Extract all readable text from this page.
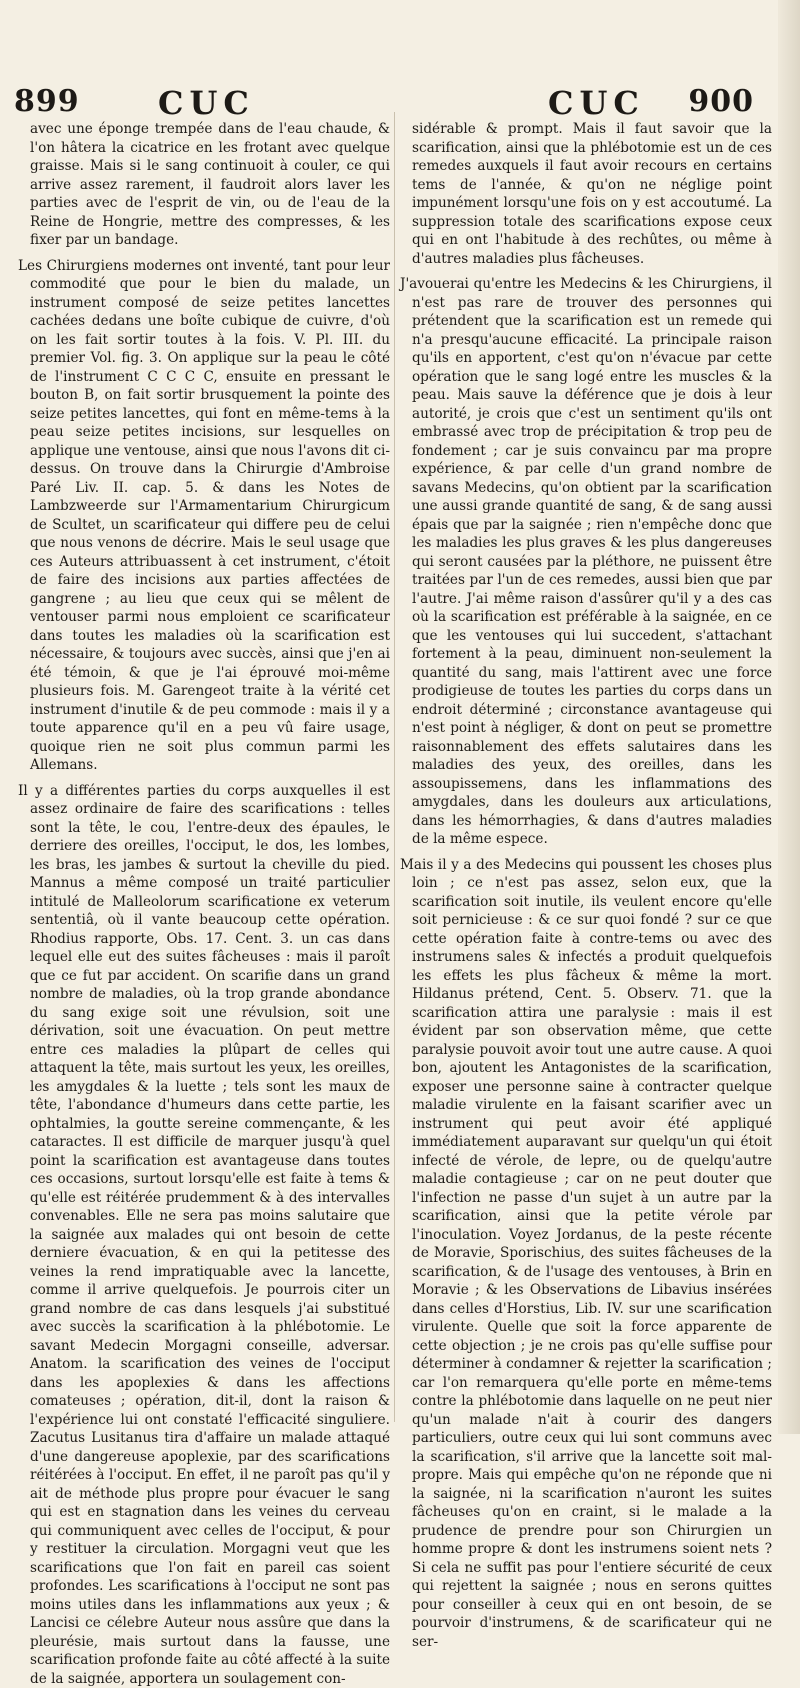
899 CUC	CUC 900

avec une éponge trempée dans de l'eau chaude, & l'on hâtera la cicatrice en les frotant avec quelque graisse. Mais si le sang continuoit à couler, ce qui arrive assez rarement, il faudroit alors laver les parties avec de l'esprit de vin, ou de l'eau de la Reine de Hongrie, mettre des compresses, & les fixer par un bandage.

Les Chirurgiens modernes ont inventé, tant pour leur commodité que pour le bien du malade, un instrument composé de seize petites lancettes cachées dedans une boîte cubique de cuivre, d'où on les fait sortir toutes à la fois. V. Pl. III. du premier Vol. fig. 3. On applique sur la peau le côté de l'instrument C C C C, ensuite en pressant le bouton B, on fait sortir brusquement la pointe des seize petites lancettes, qui font en même-tems à la peau seize petites incisions, sur lesquelles on applique une ventouse, ainsi que nous l'avons dit ci-dessus. On trouve dans la Chirurgie d'Ambroise Paré Liv. II. cap. 5. & dans les Notes de Lambzweerde sur l'Armamentarium Chirurgicum de Scultet, un scarificateur qui differe peu de celui que nous venons de décrire. Mais le seul usage que ces Auteurs attribuassent à cet instrument, c'étoit de faire des incisions aux parties affectées de gangrene ; au lieu que ceux qui se mêlent de ventouser parmi nous emploient ce scarificateur dans toutes les maladies où la scarification est nécessaire, & toujours avec succès, ainsi que j'en ai été témoin, & que je l'ai éprouvé moi-même plusieurs fois. M. Garengeot traite à la vérité cet instrument d'inutile & de peu commode : mais il y a toute apparence qu'il en a peu vû faire usage, quoique rien ne soit plus commun parmi les Allemans.

Il y a différentes parties du corps auxquelles il est assez ordinaire de faire des scarifications : telles sont la tête, le cou, l'entre-deux des épaules, le derriere des oreilles, l'occiput, le dos, les lombes, les bras, les jambes & surtout la cheville du pied. Mannus a même composé un traité particulier intitulé de Malleolorum scarificatione ex veterum sententiâ, où il vante beaucoup cette opération. Rhodius rapporte, Obs. 17. Cent. 3. un cas dans lequel elle eut des suites fâcheuses : mais il paroît que ce fut par accident. On scarifie dans un grand nombre de maladies, où la trop grande abondance du sang exige soit une révulsion, soit une dérivation, soit une évacuation. On peut mettre entre ces maladies la plûpart de celles qui attaquent la tête, mais surtout les yeux, les oreilles, les amygdales & la luette ; tels sont les maux de tête, l'abondance d'humeurs dans cette partie, les ophtalmies, la goutte sereine commençante, & les cataractes. Il est difficile de marquer jusqu'à quel point la scarification est avantageuse dans toutes ces occasions, surtout lorsqu'elle est faite à tems & qu'elle est réitérée prudemment & à des intervalles convenables. Elle ne sera pas moins salutaire que la saignée aux malades qui ont besoin de cette derniere évacuation, & en qui la petitesse des veines la rend impratiquable avec la lancette, comme il arrive quelquefois. Je pourrois citer un grand nombre de cas dans lesquels j'ai substitué avec succès la scarification à la phlébotomie. Le savant Medecin Morgagni conseille, adversar. Anatom. la scarification des veines de l'occiput dans les apoplexies & dans les affections comateuses ; opération, dit-il, dont la raison & l'expérience lui ont constaté l'efficacité singuliere. Zacutus Lusitanus tira d'affaire un malade attaqué d'une dangereuse apoplexie, par des scarifications réitérées à l'occiput. En effet, il ne paroît pas qu'il y ait de méthode plus propre pour évacuer le sang qui est en stagnation dans les veines du cerveau qui communiquent avec celles de l'occiput, & pour y restituer la circulation. Morgagni veut que les scarifications que l'on fait en pareil cas soient profondes. Les scarifications à l'occiput ne sont pas moins utiles dans les inflammations aux yeux ; & Lancisi ce célebre Auteur nous assûre que dans la pleurésie, mais surtout dans la fausse, une scarification profonde faite au côté affecté à la suite de la saignée, apportera un soulagement con-

sidérable & prompt. Mais il faut savoir que la scarification, ainsi que la phlébotomie est un de ces remedes auxquels il faut avoir recours en certains tems de l'année, & qu'on ne néglige point impunément lorsqu'une fois on y est accoutumé. La suppression totale des scarifications expose ceux qui en ont l'habitude à des rechûtes, ou même à d'autres maladies plus fâcheuses.

J'avouerai qu'entre les Medecins & les Chirurgiens, il n'est pas rare de trouver des personnes qui prétendent que la scarification est un remede qui n'a presqu'aucune efficacité. La principale raison qu'ils en apportent, c'est qu'on n'évacue par cette opération que le sang logé entre les muscles & la peau. Mais sauve la déférence que je dois à leur autorité, je crois que c'est un sentiment qu'ils ont embrassé avec trop de précipitation & trop peu de fondement ; car je suis convaincu par ma propre expérience, & par celle d'un grand nombre de savans Medecins, qu'on obtient par la scarification une aussi grande quantité de sang, & de sang aussi épais que par la saignée ; rien n'empêche donc que les maladies les plus graves & les plus dangereuses qui seront causées par la pléthore, ne puissent être traitées par l'un de ces remedes, aussi bien que par l'autre. J'ai même raison d'assûrer qu'il y a des cas où la scarification est préférable à la saignée, en ce que les ventouses qui lui succedent, s'attachant fortement à la peau, diminuent non-seulement la quantité du sang, mais l'attirent avec une force prodigieuse de toutes les parties du corps dans un endroit déterminé ; circonstance avantageuse qui n'est point à négliger, & dont on peut se promettre raisonnablement des effets salutaires dans les maladies des yeux, des oreilles, dans les assoupissemens, dans les inflammations des amygdales, dans les douleurs aux articulations, dans les hémorrhagies, & dans d'autres maladies de la même espece.

Mais il y a des Medecins qui poussent les choses plus loin ; ce n'est pas assez, selon eux, que la scarification soit inutile, ils veulent encore qu'elle soit pernicieuse : & ce sur quoi fondé ? sur ce que cette opération faite à contre-tems ou avec des instrumens sales & infectés a produit quelquefois les effets les plus fâcheux & même la mort. Hildanus prétend, Cent. 5. Observ. 71. que la scarification attira une paralysie : mais il est évident par son observation même, que cette paralysie pouvoit avoir tout une autre cause. A quoi bon, ajoutent les Antagonistes de la scarification, exposer une personne saine à contracter quelque maladie virulente en la faisant scarifier avec un instrument qui peut avoir été appliqué immédiatement auparavant sur quelqu'un qui étoit infecté de vérole, de lepre, ou de quelqu'autre maladie contagieuse ; car on ne peut douter que l'infection ne passe d'un sujet à un autre par la scarification, ainsi que la petite vérole par l'inoculation. Voyez Jordanus, de la peste récente de Moravie, Sporischius, des suites fâcheuses de la scarification, & de l'usage des ventouses, à Brin en Moravie ; & les Observations de Libavius insérées dans celles d'Horstius, Lib. IV. sur une scarification virulente. Quelle que soit la force apparente de cette objection ; je ne crois pas qu'elle suffise pour déterminer à condamner & rejetter la scarification ; car l'on remarquera qu'elle porte en même-tems contre la phlébotomie dans laquelle on ne peut nier qu'un malade n'ait à courir des dangers particuliers, outre ceux qui lui sont communs avec la scarification, s'il arrive que la lancette soit mal-propre. Mais qui empêche qu'on ne réponde que ni la saignée, ni la scarification n'auront les suites fâcheuses qu'on en craint, si le malade a la prudence de prendre pour son Chirurgien un homme propre & dont les instrumens soient nets ? Si cela ne suffit pas pour l'entiere sécurité de ceux qui rejettent la saignée ; nous en serons quittes pour conseiller à ceux qui en ont besoin, de se pourvoir d'instrumens, & de scarificateur qui ne ser-
